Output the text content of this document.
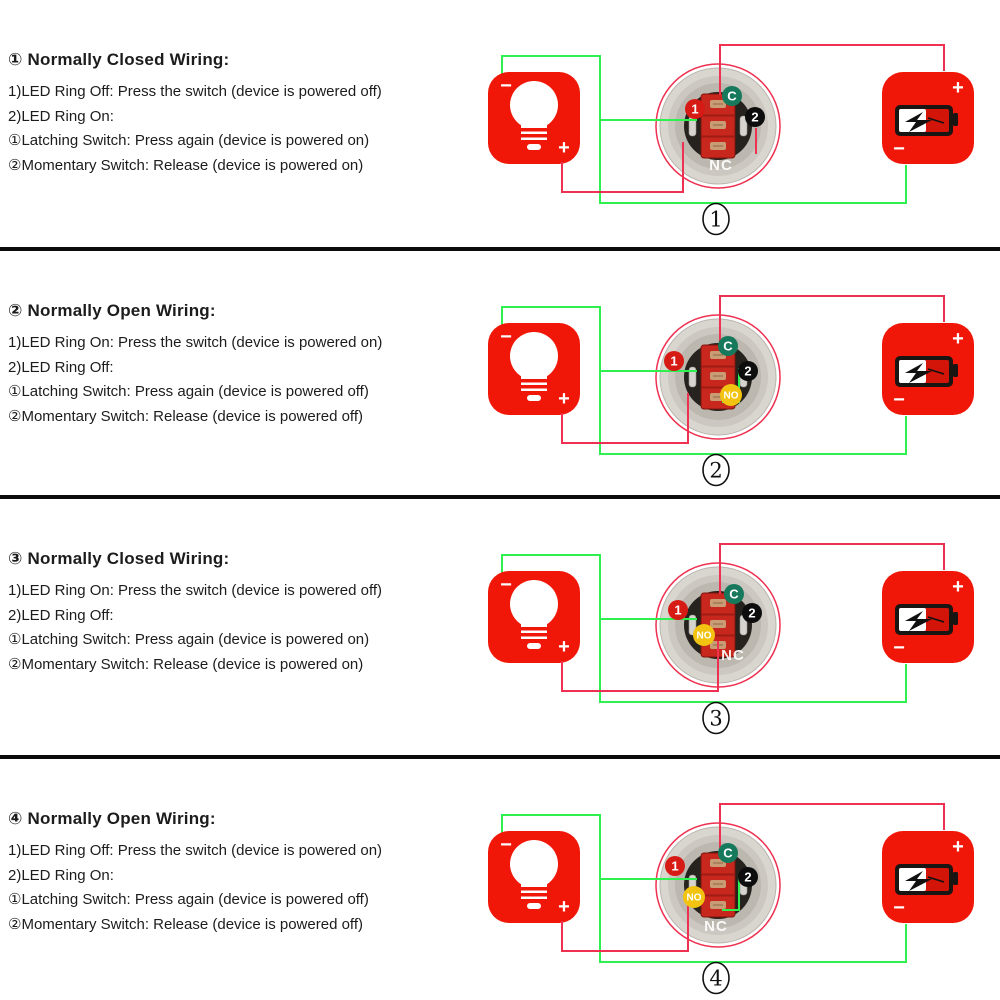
① Normally Closed Wiring:
1)LED Ring Off: Press the switch (device is powered off)
2)LED Ring On:
①Latching Switch: Press again (device is powered on)
②Momentary Switch: Release (device is powered on)
−
+
+
−
1
C
2
NC
1
② Normally Open Wiring:
1)LED Ring On: Press the switch (device is powered on)
2)LED Ring Off:
①Latching Switch: Press again (device is powered off)
②Momentary Switch: Release (device is powered off)
−
+
+
−
1
C
2
NO
2
③ Normally Closed Wiring:
1)LED Ring On: Press the switch (device is powered off)
2)LED Ring Off:
①Latching Switch: Press again (device is powered on)
②Momentary Switch: Release (device is powered on)
−
+
+
−
1
C
2
NO
NC
3
④ Normally Open Wiring:
1)LED Ring Off: Press the switch (device is powered on)
2)LED Ring On:
①Latching Switch: Press again (device is powered off)
②Momentary Switch: Release (device is powered off)
−
+
+
−
1
C
2
NO
NC
4
